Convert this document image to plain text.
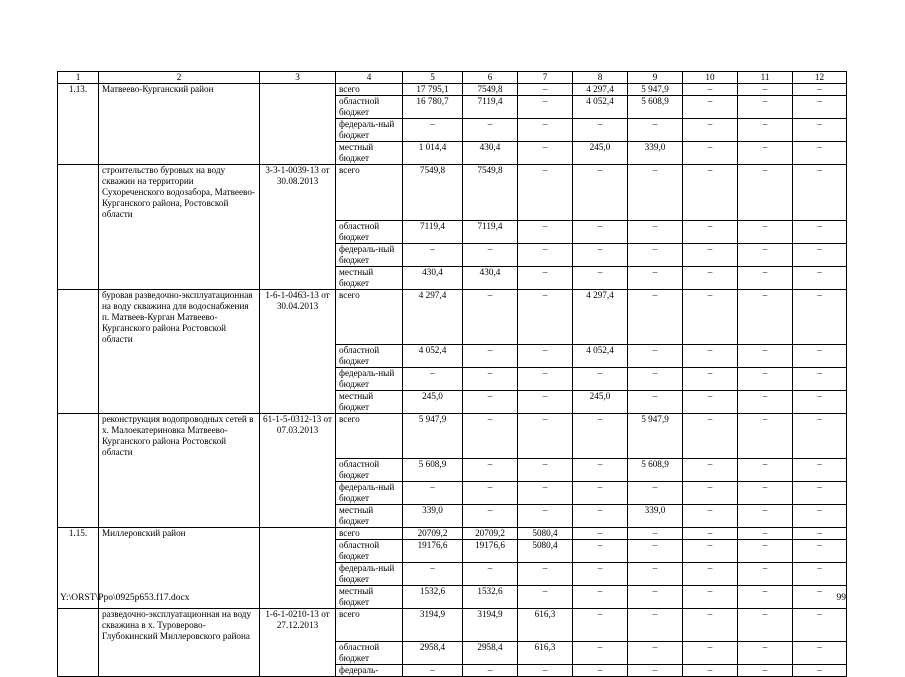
1	2	3	4	5	6	7	8	9	10	11	12
1.13.	Матвеево-Курганский район		всего	17 795,1	7549,8	–	4 297,4	5 947,9	–	–	–
			областной бюджет	16 780,7	7119,4	–	4 052,4	5 608,9	–	–	–
			федераль-ный бюджет	–	–	–	–	–	–	–	–
			местный бюджет	1 014,4	430,4	–	245,0	339,0	–	–	–
	строительство буровых на воду скважин на территории Сухореченского водозабора, Матвеево-Курганского района, Ростовской области	3-3-1-0039-13 от 30.08.2013	всего	7549,8	7549,8	–	–	–	–	–	–
			областной бюджет	7119,4	7119,4	–	–	–	–	–	–
			федераль-ный бюджет	–	–	–	–	–	–	–	–
			местный бюджет	430,4	430,4	–	–	–	–	–	–
	буровая разведочно-эксплуатационная на воду скважина для водоснабжения п. Матвеев-Курган Матвеево-Курганского района Ростовской области	1-6-1-0463-13 от 30.04.2013	всего	4 297,4	–	–	4 297,4	–	–	–	–
			областной бюджет	4 052,4	–	–	4 052,4	–	–	–	–
			федераль-ный бюджет	–	–	–	–	–	–	–	–
			местный бюджет	245,0	–	–	245,0	–	–	–	–
	реконструкция водопроводных сетей в х. Малоекатериновка Матвеево-Курганского района Ростовской области	61-1-5-0312-13 от 07.03.2013	всего	5 947,9	–	–	–	5 947,9	–	–	–
			областной бюджет	5 608,9	–	–	–	5 608,9	–	–	–
			федераль-ный бюджет	–	–	–	–	–	–	–	–
			местный бюджет	339,0	–	–	–	339,0	–	–	–
1.15.	Миллеровский район		всего	20709,2	20709,2	5080,4	–	–	–	–	–
			областной бюджет	19176,6	19176,6	5080,4	–	–	–	–	–
			федераль-ный бюджет	–	–	–	–	–	–	–	–
			местный бюджет	1532,6	1532,6	–	–	–	–	–	–
	разведочно-эксплуатационная на воду скважина в х. Туроверово-Глубокинский Миллеровского района	1-6-1-0210-13 от 27.12.2013	всего	3194,9	3194,9	616,3	–	–	–	–	–
			областной бюджет	2958,4	2958,4	616,3	–	–	–	–	–
			федераль-	–	–	–	–	–	–	–	–
Y:\ORST\Ppo\0925p653.f17.docx	99
